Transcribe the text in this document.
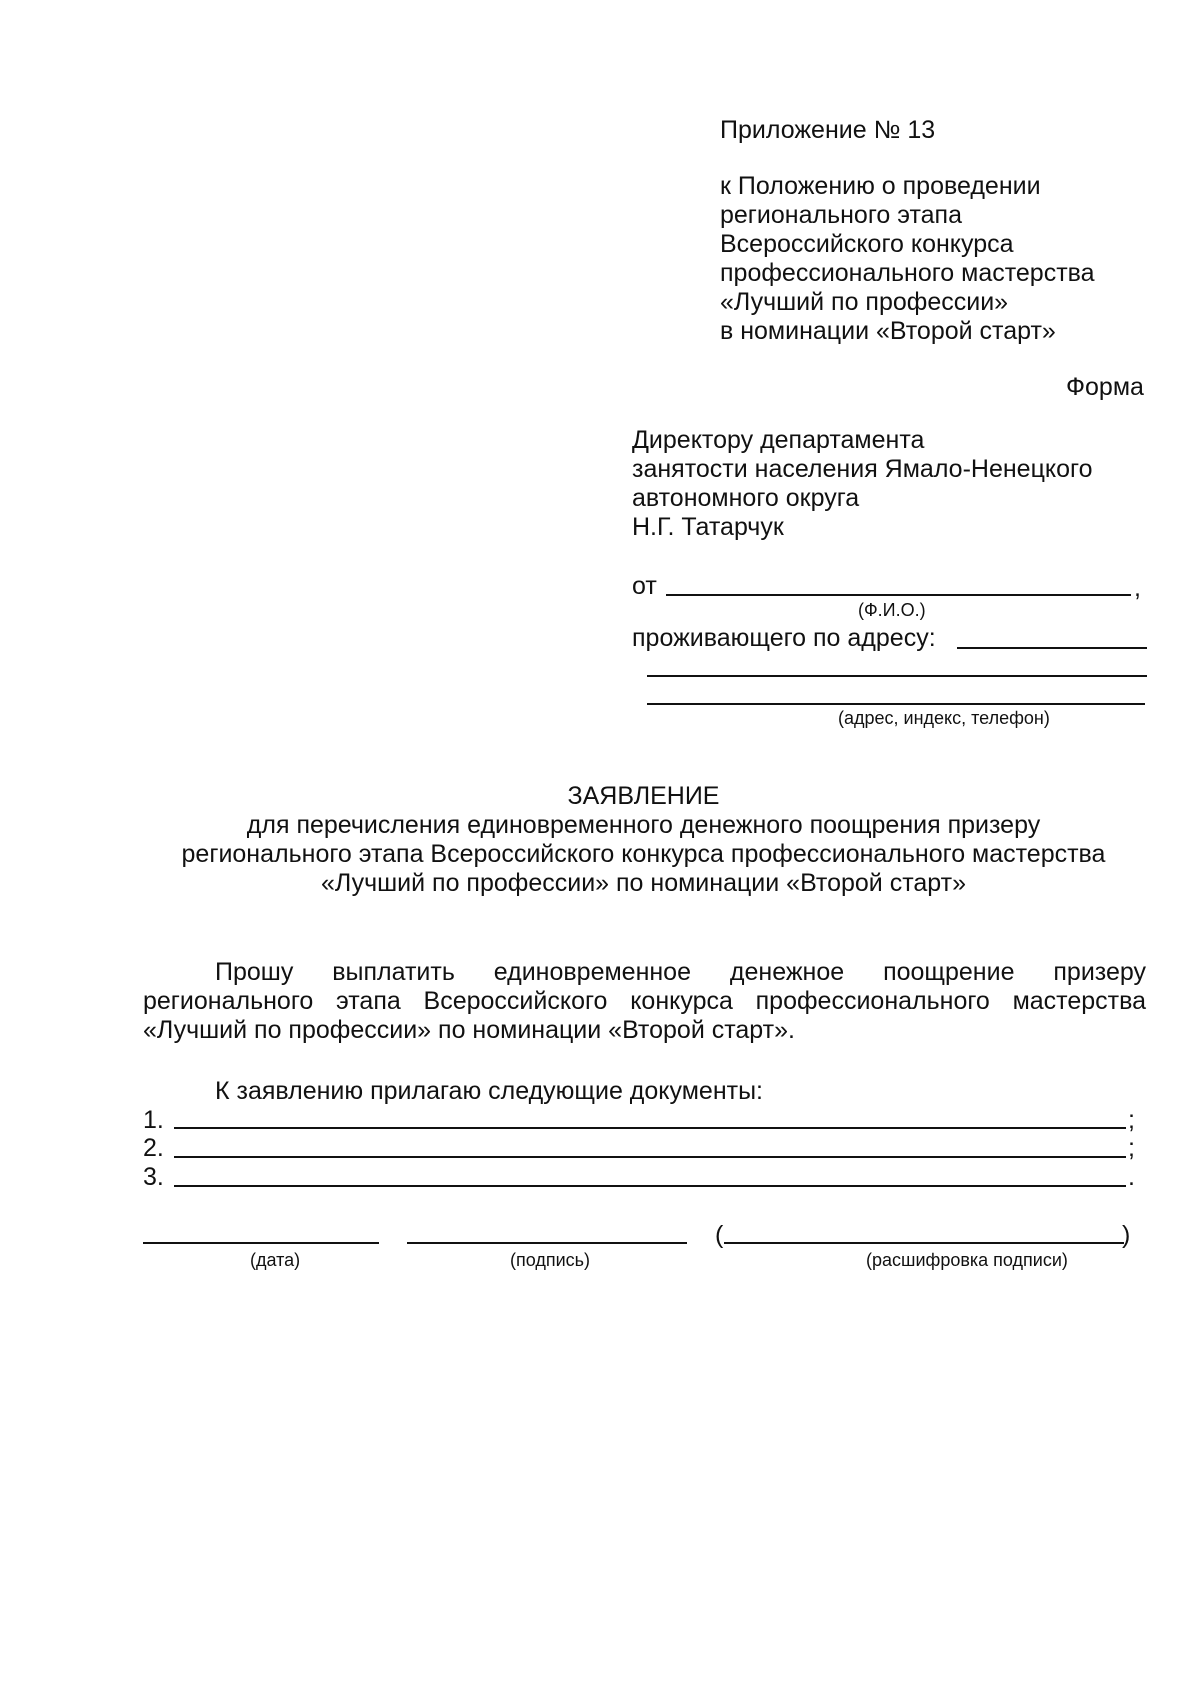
Приложение № 13
к Положению о проведении
регионального этапа
Всероссийского конкурса
профессионального мастерства
«Лучший по профессии»
в номинации «Второй старт»
Форма
Директору департамента
занятости населения Ямало-Ненецкого
автономного округа
Н.Г. Татарчук
от	,
(Ф.И.О.)
проживающего по адресу:
(адрес, индекс, телефон)
ЗАЯВЛЕНИЕ
для перечисления единовременного денежного поощрения призеру
регионального этапа Всероссийского конкурса профессионального мастерства
«Лучший по профессии» по номинации «Второй старт»
Прошу выплатить единовременное денежное поощрение призеру регионального этапа Всероссийского конкурса профессионального мастерства «Лучший по профессии» по номинации «Второй старт».
К заявлению прилагаю следующие документы:
1.	;
2.	;
3.	.
(дата)	(подпись)
(	)
(расшифровка подписи)
